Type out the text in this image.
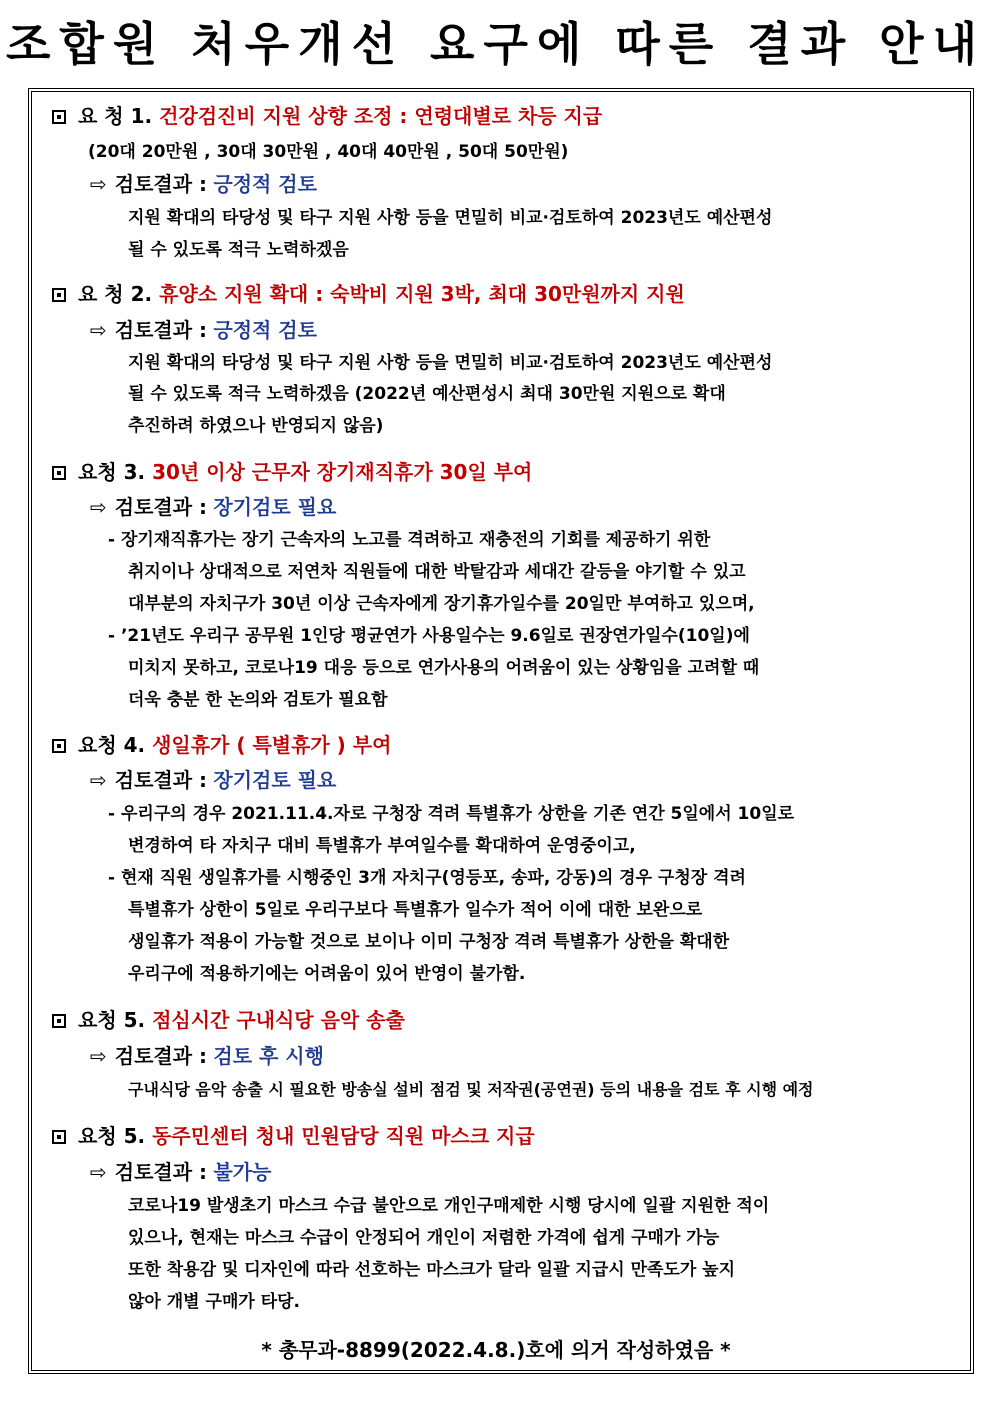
조합원 처우개선 요구에 따른 결과 안내
요 청 1. 건강검진비 지원 상향 조정 : 연령대별로 차등 지급
(20대 20만원 , 30대 30만원 , 40대 40만원 , 50대 50만원)
⇨ 검토결과 : 긍정적 검토
지원 확대의 타당성 및 타구 지원 사항 등을 면밀히 비교·검토하여 2023년도 예산편성
될 수 있도록 적극 노력하겠음
요 청 2. 휴양소 지원 확대 : 숙박비 지원 3박, 최대 30만원까지 지원
⇨ 검토결과 : 긍정적 검토
지원 확대의 타당성 및 타구 지원 사항 등을 면밀히 비교·검토하여 2023년도 예산편성
될 수 있도록 적극 노력하겠음 (2022년 예산편성시 최대 30만원 지원으로 확대
추진하려 하였으나 반영되지 않음)
요청 3. 30년 이상 근무자 장기재직휴가 30일 부여
⇨ 검토결과 : 장기검토 필요
- 장기재직휴가는 장기 근속자의 노고를 격려하고 재충전의 기회를 제공하기 위한
취지이나 상대적으로 저연차 직원들에 대한 박탈감과 세대간 갈등을 야기할 수 있고
대부분의 자치구가 30년 이상 근속자에게 장기휴가일수를 20일만 부여하고 있으며,
- ’21년도 우리구 공무원 1인당 평균연가 사용일수는 9.6일로 권장연가일수(10일)에
미치지 못하고, 코로나19 대응 등으로 연가사용의 어려움이 있는 상황임을 고려할 때
더욱 충분 한 논의와 검토가 필요함
요청 4. 생일휴가 ( 특별휴가 ) 부여
⇨ 검토결과 : 장기검토 필요
- 우리구의 경우 2021.11.4.자로 구청장 격려 특별휴가 상한을 기존 연간 5일에서 10일로
변경하여 타 자치구 대비 특별휴가 부여일수를 확대하여 운영중이고,
- 현재 직원 생일휴가를 시행중인 3개 자치구(영등포, 송파, 강동)의 경우 구청장 격려
특별휴가 상한이 5일로 우리구보다 특별휴가 일수가 적어 이에 대한 보완으로
생일휴가 적용이 가능할 것으로 보이나 이미 구청장 격려 특별휴가 상한을 확대한
우리구에 적용하기에는 어려움이 있어 반영이 불가함.
요청 5. 점심시간 구내식당 음악 송출
⇨ 검토결과 : 검토 후 시행
구내식당 음악 송출 시 필요한 방송실 설비 점검 및 저작권(공연권) 등의 내용을 검토 후 시행 예정
요청 5. 동주민센터 청내 민원담당 직원 마스크 지급
⇨ 검토결과 : 불가능
코로나19 발생초기 마스크 수급 불안으로 개인구매제한 시행 당시에 일괄 지원한 적이
있으나, 현재는 마스크 수급이 안정되어 개인이 저렴한 가격에 쉽게 구매가 가능
또한 착용감 및 디자인에 따라 선호하는 마스크가 달라 일괄 지급시 만족도가 높지
않아 개별 구매가 타당.
* 총무과-8899(2022.4.8.)호에 의거 작성하였음 *
